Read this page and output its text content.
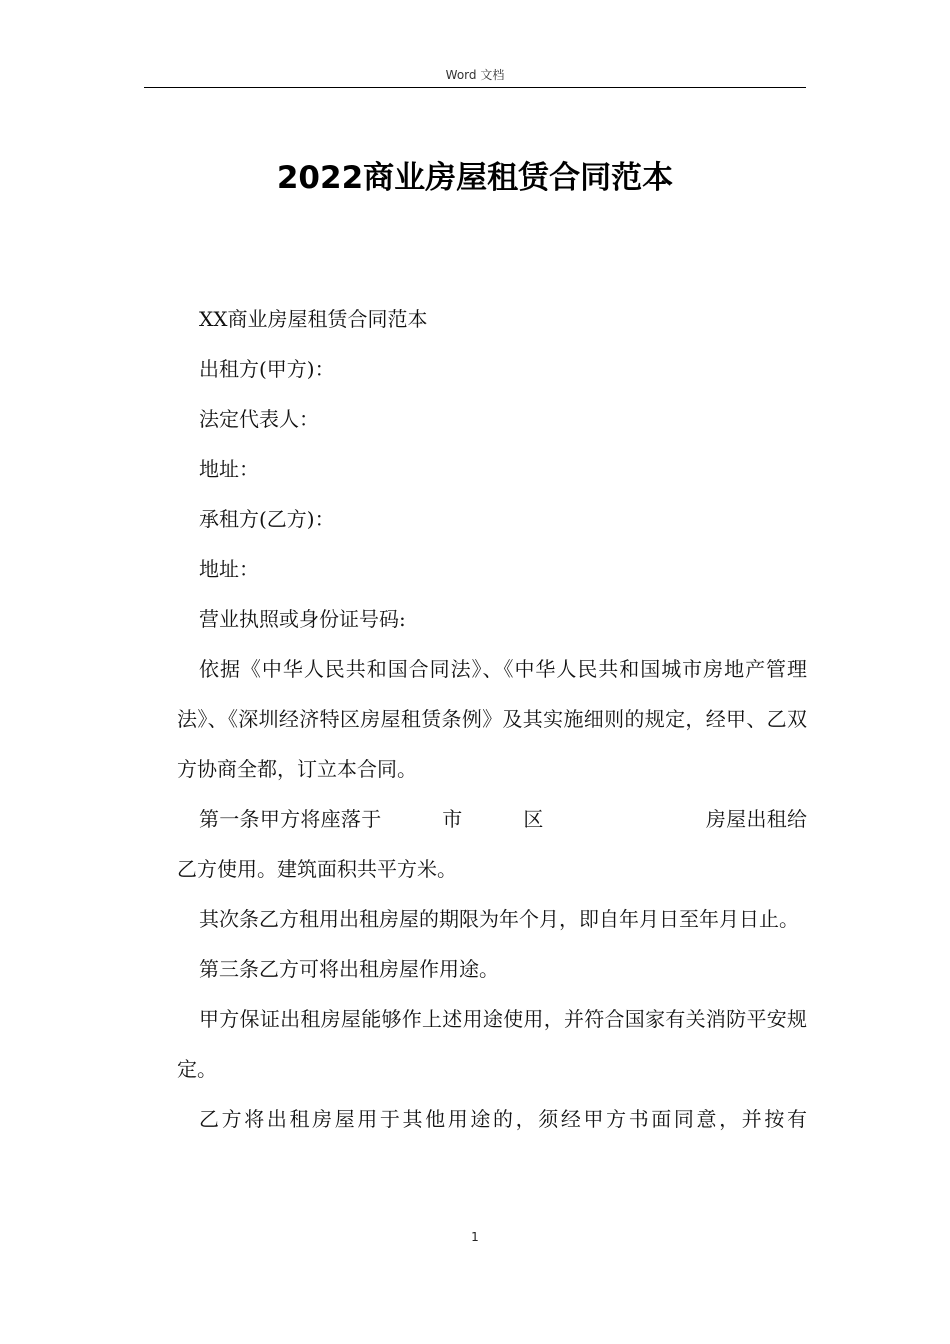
Word 文档
2022商业房屋租赁合同范本

XX商业房屋租赁合同范本

出租方(甲方)：

法定代表人：

地址：

承租方(乙方)：

地址：

营业执照或身份证号码:

依据《中华人民共和国合同法》、《中华人民共和国城市房地产管理法》、《深圳经济特区房屋租赁条例》及其实施细则的规定，经甲、乙双方协商全都，订立本合同。

第一条甲方将座落于　　　市　　　区　　　　　　　　房屋出租给乙方使用。建筑面积共平方米。

其次条乙方租用出租房屋的期限为年个月，即自年月日至年月日止。

第三条乙方可将出租房屋作用途。

甲方保证出租房屋能够作上述用途使用，并符合国家有关消防平安规定。

乙方将出租房屋用于其他用途的，须经甲方书面同意，并按有

1
